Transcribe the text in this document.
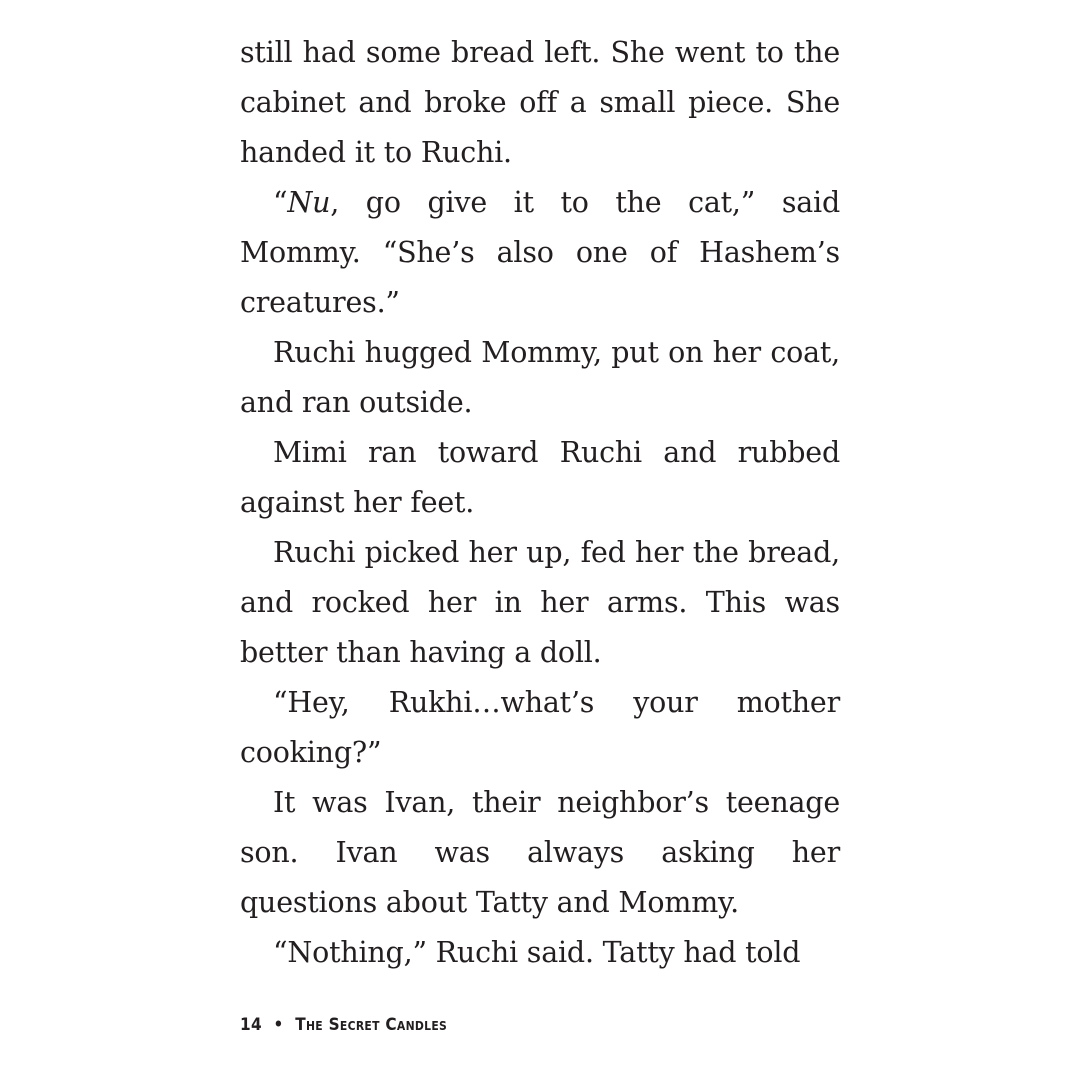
still had some bread left. She went to the cabinet and broke off a small piece. She handed it to Ruchi.

“Nu, go give it to the cat,” said Mommy. “She’s also one of Hashem’s creatures.”

Ruchi hugged Mommy, put on her coat, and ran outside.

Mimi ran toward Ruchi and rubbed against her feet.

Ruchi picked her up, fed her the bread, and rocked her in her arms. This was better than having a doll.

“Hey, Rukhi…what’s your mother cooking?”

It was Ivan, their neighbor’s teenage son. Ivan was always asking her questions about Tatty and Mommy.

“Nothing,” Ruchi said. Tatty had told

14 • The Secret Candles
